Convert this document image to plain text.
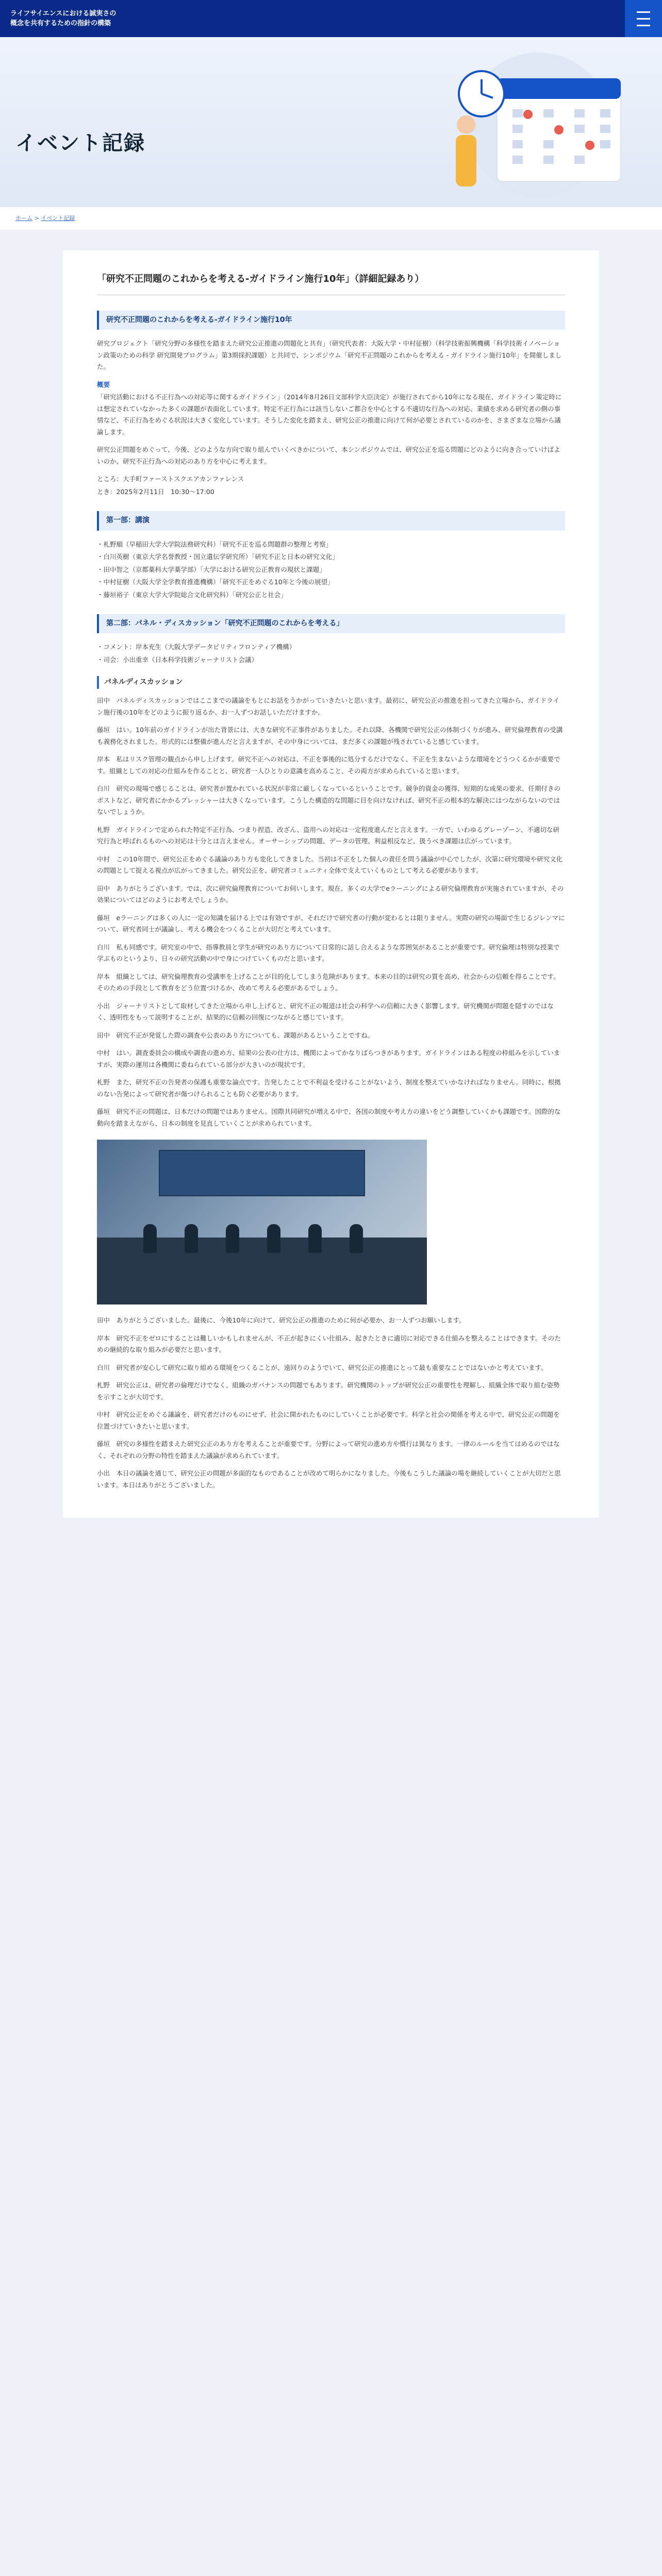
ライフサイエンスにおける誠実さの
概念を共有するための指針の構築
イベント記録
ホーム > イベント記録
「研究不正問題のこれからを考える-ガイドライン施行10年」（詳細記録あり）
研究不正問題のこれからを考える-ガイドライン施行10年

研究プロジェクト「研究分野の多様性を踏まえた研究公正推進の問題化と共有」（研究代表者：大阪大学・中村征樹）（科学技術振興機構「科学技術イノベーション政策のための科学 研究開発プログラム」第3期採択課題）と共同で、シンポジウム「研究不正問題のこれからを考える - ガイドライン施行10年」を開催しました。

概要

「研究活動における不正行為への対応等に関するガイドライン」（2014年8月26日文部科学大臣決定）が施行されてから10年になる現在、ガイドライン策定時には想定されていなかった多くの課題が表面化しています。特定不正行為には該当しないご都合を中心とする不適切な行為への対応、業績を求める研究者の側の事情など、不正行為をめぐる状況は大きく変化しています。そうした変化を踏まえ、研究公正の推進に向けて何が必要とされているのかを、さまざまな立場から議論します。

研究公正問題をめぐって、今後、どのような方向で取り組んでいくべきかについて、本シンポジウムでは、研究公正を巡る問題にどのように向き合っていけばよいのか、研究不正行為への対応のあり方を中心に考えます。

ところ：大手町ファーストスクエアカンファレンス

とき：2025年2月11日　10:30～17:00

第一部：講演

・札野順（早稲田大学大学院法務研究科）「研究不正を巡る問題群の整理と考察」

・白川英樹（東京大学名誉教授・国立遺伝学研究所）「研究不正と日本の研究文化」

・田中智之（京都薬科大学薬学部）「大学における研究公正教育の現状と課題」

・中村征樹（大阪大学全学教育推進機構）「研究不正をめぐる10年と今後の展望」

・藤垣裕子（東京大学大学院総合文化研究科）「研究公正と社会」

第二部：パネル・ディスカッション「研究不正問題のこれからを考える」

・コメント：岸本充生（大阪大学データビリティフロンティア機構）

・司会：小出重幸（日本科学技術ジャーナリスト会議）

パネルディスカッション

田中　パネルディスカッションではここまでの議論をもとにお話をうかがっていきたいと思います。最初に、研究公正の推進を担ってきた立場から、ガイドライン施行後の10年をどのように振り返るか、お一人ずつお話しいただけますか。

藤垣　はい。10年前のガイドラインが出た背景には、大きな研究不正事件がありました。それ以降、各機関で研究公正の体制づくりが進み、研究倫理教育の受講も義務化されました。形式的には整備が進んだと言えますが、その中身については、まだ多くの課題が残されていると感じています。

岸本　私はリスク管理の観点から申し上げます。研究不正への対応は、不正を事後的に処分するだけでなく、不正を生まないような環境をどうつくるかが重要です。組織としての対応の仕組みを作ることと、研究者一人ひとりの意識を高めること、その両方が求められていると思います。

白川　研究の現場で感じることは、研究者が置かれている状況が非常に厳しくなっているということです。競争的資金の獲得、短期的な成果の要求、任期付きのポストなど、研究者にかかるプレッシャーは大きくなっています。こうした構造的な問題に目を向けなければ、研究不正の根本的な解決にはつながらないのではないでしょうか。

札野　ガイドラインで定められた特定不正行為、つまり捏造、改ざん、盗用への対応は一定程度進んだと言えます。一方で、いわゆるグレーゾーン、不適切な研究行為と呼ばれるものへの対応は十分とは言えません。オーサーシップの問題、データの管理、利益相反など、扱うべき課題は広がっています。

中村　この10年間で、研究公正をめぐる議論のあり方も変化してきました。当初は不正をした個人の責任を問う議論が中心でしたが、次第に研究環境や研究文化の問題として捉える視点が広がってきました。研究公正を、研究者コミュニティ全体で支えていくものとして考える必要があります。

田中　ありがとうございます。では、次に研究倫理教育についてお伺いします。現在、多くの大学でeラーニングによる研究倫理教育が実施されていますが、その効果についてはどのようにお考えでしょうか。

藤垣　eラーニングは多くの人に一定の知識を届ける上では有効ですが、それだけで研究者の行動が変わるとは限りません。実際の研究の場面で生じるジレンマについて、研究者同士が議論し、考える機会をつくることが大切だと考えています。

白川　私も同感です。研究室の中で、指導教員と学生が研究のあり方について日常的に話し合えるような雰囲気があることが重要です。研究倫理は特別な授業で学ぶものというより、日々の研究活動の中で身につけていくものだと思います。

岸本　組織としては、研究倫理教育の受講率を上げることが目的化してしまう危険があります。本来の目的は研究の質を高め、社会からの信頼を得ることです。そのための手段として教育をどう位置づけるか、改めて考える必要があるでしょう。

小出　ジャーナリストとして取材してきた立場から申し上げると、研究不正の報道は社会の科学への信頼に大きく影響します。研究機関が問題を隠すのではなく、透明性をもって説明することが、結果的に信頼の回復につながると感じています。

田中　研究不正が発覚した際の調査や公表のあり方についても、課題があるということですね。

中村　はい。調査委員会の構成や調査の進め方、結果の公表の仕方は、機関によってかなりばらつきがあります。ガイドラインはある程度の枠組みを示していますが、実際の運用は各機関に委ねられている部分が大きいのが現状です。

札野　また、研究不正の告発者の保護も重要な論点です。告発したことで不利益を受けることがないよう、制度を整えていかなければなりません。同時に、根拠のない告発によって研究者が傷つけられることも防ぐ必要があります。

藤垣　研究不正の問題は、日本だけの問題ではありません。国際共同研究が増える中で、各国の制度や考え方の違いをどう調整していくかも課題です。国際的な動向を踏まえながら、日本の制度を見直していくことが求められています。

田中　ありがとうございました。最後に、今後10年に向けて、研究公正の推進のために何が必要か、お一人ずつお願いします。

岸本　研究不正をゼロにすることは難しいかもしれませんが、不正が起きにくい仕組み、起きたときに適切に対応できる仕組みを整えることはできます。そのための継続的な取り組みが必要だと思います。

白川　研究者が安心して研究に取り組める環境をつくることが、遠回りのようでいて、研究公正の推進にとって最も重要なことではないかと考えています。

札野　研究公正は、研究者の倫理だけでなく、組織のガバナンスの問題でもあります。研究機関のトップが研究公正の重要性を理解し、組織全体で取り組む姿勢を示すことが大切です。

中村　研究公正をめぐる議論を、研究者だけのものにせず、社会に開かれたものにしていくことが必要です。科学と社会の関係を考える中で、研究公正の問題を位置づけていきたいと思います。

藤垣　研究の多様性を踏まえた研究公正のあり方を考えることが重要です。分野によって研究の進め方や慣行は異なります。一律のルールを当てはめるのではなく、それぞれの分野の特性を踏まえた議論が求められています。

小出　本日の議論を通じて、研究公正の問題が多面的なものであることが改めて明らかになりました。今後もこうした議論の場を継続していくことが大切だと思います。本日はありがとうございました。
